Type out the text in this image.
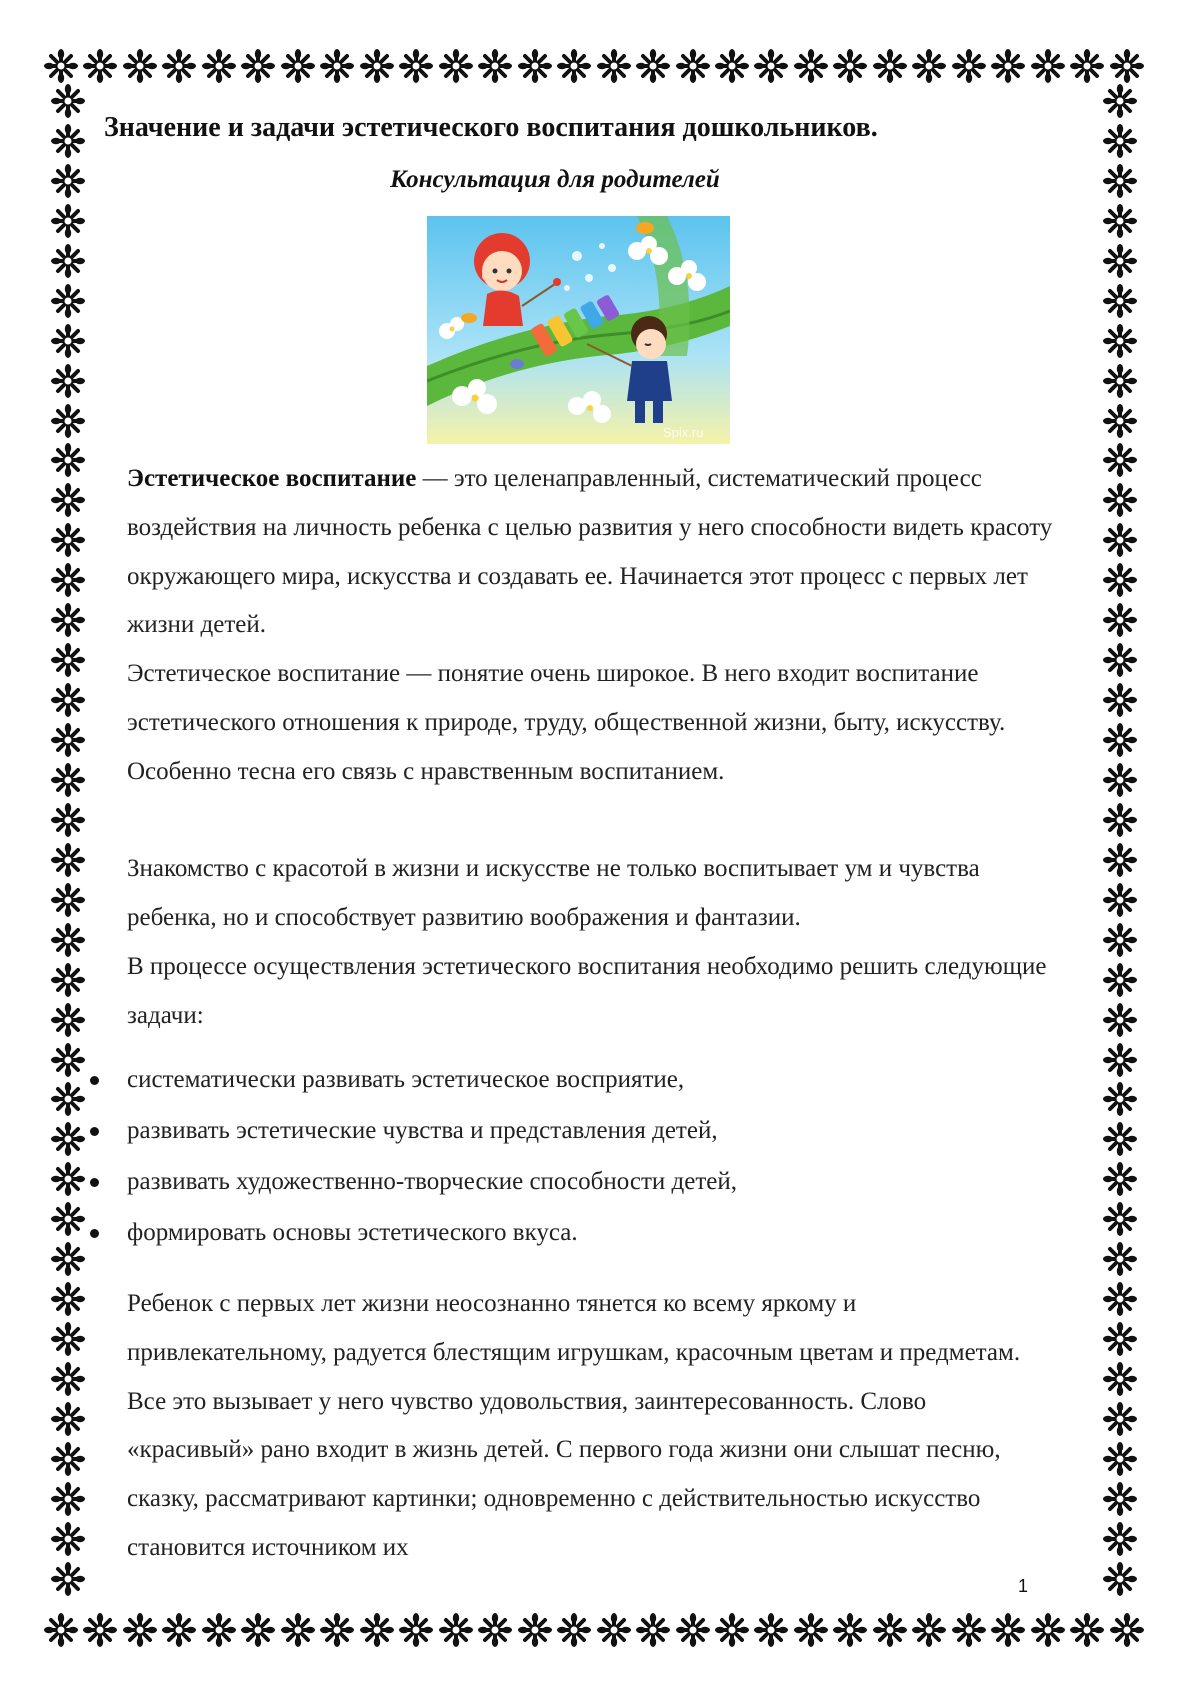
Значение и задачи эстетического воспитания дошкольников.
Консультация для родителей
Spix.ru

Эстетическое воспитание — это целенаправленный, систематический процесс воздействия на личность ребенка с целью развития у него способности видеть красоту окружающего мира, искусства и создавать ее. Начинается этот процесс с первых лет жизни детей.

Эстетическое воспитание — понятие очень широкое. В него входит воспитание эстетического отношения к природе, труду, общественной жизни, быту, искусству. Особенно тесна его связь с нравственным воспитанием.

Знакомство с красотой в жизни и искусстве не только воспитывает ум и чувства ребенка, но и способствует развитию воображения и фантазии.

В процессе осуществления эстетического воспитания необходимо решить следующие задачи:

систематически развивать эстетическое восприятие,
развивать эстетические чувства и представления детей,
развивать художественно-творческие способности детей,
формировать основы эстетического вкуса.

Ребенок с первых лет жизни неосознанно тянется ко всему яркому и привлекательному, радуется блестящим игрушкам, красочным цветам и предметам. Все это вызывает у него чувство удовольствия, заинтересованность. Слово «красивый» рано входит в жизнь детей. С первого года жизни они слышат песню, сказку, рассматривают картинки; одновременно с действительностью искусство становится источником их

1
